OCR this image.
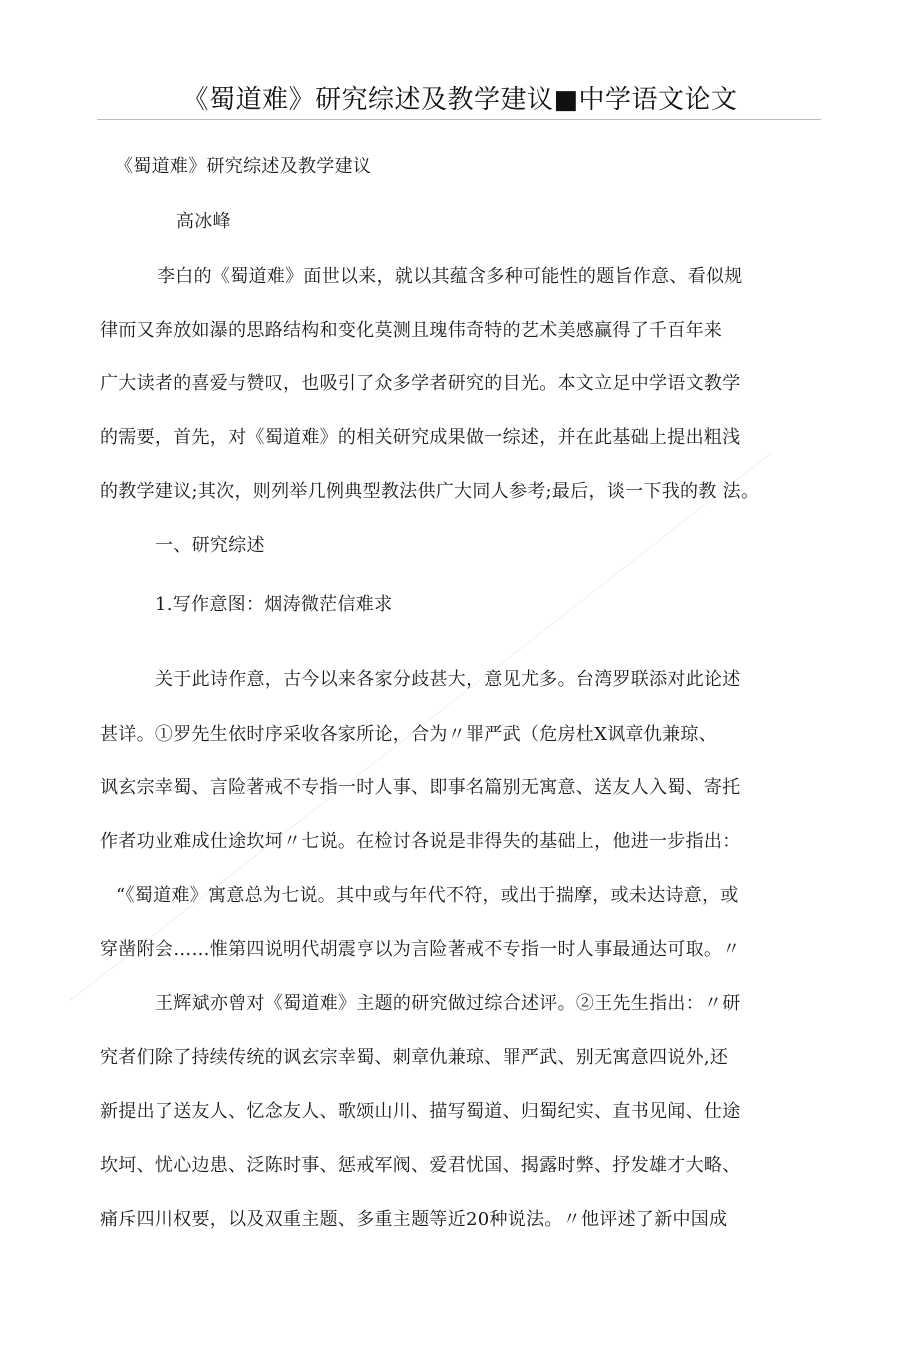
《蜀道难》研究综述及教学建议■中学语文论文
《蜀道难》研究综述及教学建议
高冰峰
李白的《蜀道难》面世以来，就以其蕴含多种可能性的题旨作意、看似规
律而又奔放如瀑的思路结构和变化莫测且瑰伟奇特的艺术美感赢得了千百年来
广大读者的喜爱与赞叹，也吸引了众多学者研究的目光。本文立足中学语文教学
的需要，首先，对《蜀道难》的相关研究成果做一综述，并在此基础上提出粗浅
的教学建议;其次，则列举几例典型教法供广大同人参考;最后，谈一下我的教 法。
一、研究综述
1.写作意图：烟涛微茫信难求
关于此诗作意，古今以来各家分歧甚大，意见尤多。台湾罗联添对此论述
甚详。①罗先生依时序采收各家所论，合为〃罪严武（危房杜X讽章仇兼琼、
讽玄宗幸蜀、言险著戒不专指一时人事、即事名篇别无寓意、送友人入蜀、寄托
作者功业难成仕途坎坷〃七说。在检讨各说是非得失的基础上，他进一步指出：
“《蜀道难》寓意总为七说。其中或与年代不符，或出于揣摩，或未达诗意，或
穿凿附会……惟第四说明代胡震亨以为言险著戒不专指一时人事最通达可取。〃
王辉斌亦曾对《蜀道难》主题的研究做过综合述评。②王先生指出：〃研
究者们除了持续传统的讽玄宗幸蜀、刺章仇兼琼、罪严武、别无寓意四说外,还
新提出了送友人、忆念友人、歌颂山川、描写蜀道、归蜀纪实、直书见闻、仕途
坎坷、忧心边患、泛陈时事、惩戒军阀、爱君忧国、揭露时弊、抒发雄才大略、
痛斥四川权要，以及双重主题、多重主题等近20种说法。〃他评述了新中国成
